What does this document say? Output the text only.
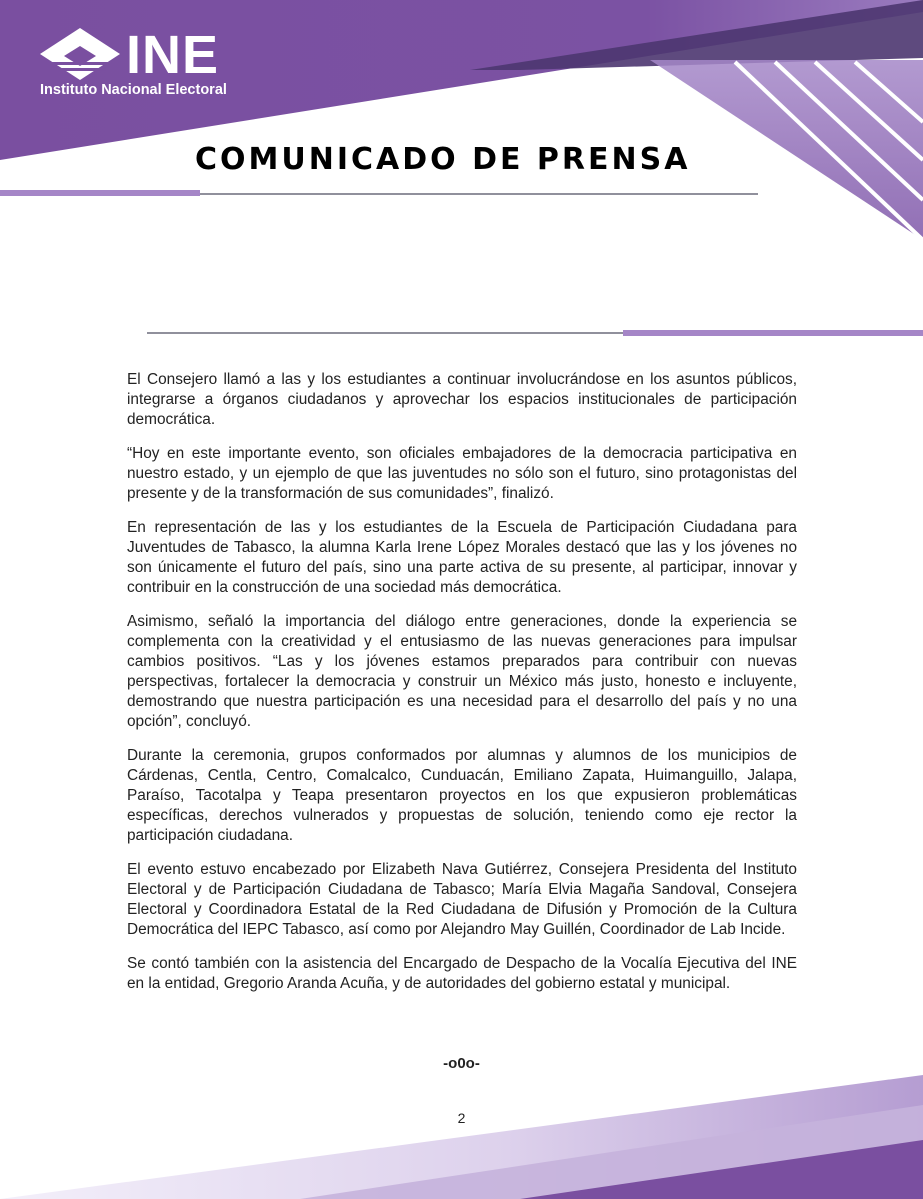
INE
Instituto Nacional Electoral
COMUNICADO DE PRENSA

El Consejero llamó a las y los estudiantes a continuar involucrándose en los asuntos públicos, integrarse a órganos ciudadanos y aprovechar los espacios institucionales de participación democrática.

“Hoy en este importante evento, son oficiales embajadores de la democracia participativa en nuestro estado, y un ejemplo de que las juventudes no sólo son el futuro, sino protagonistas del presente y de la transformación de sus comunidades”, finalizó.

En representación de las y los estudiantes de la Escuela de Participación Ciudadana para Juventudes de Tabasco, la alumna Karla Irene López Morales destacó que las y los jóvenes no son únicamente el futuro del país, sino una parte activa de su presente, al participar, innovar y contribuir en la construcción de una sociedad más democrática.

Asimismo, señaló la importancia del diálogo entre generaciones, donde la experiencia se complementa con la creatividad y el entusiasmo de las nuevas generaciones para impulsar cambios positivos. “Las y los jóvenes estamos preparados para contribuir con nuevas perspectivas, fortalecer la democracia y construir un México más justo, honesto e incluyente, demostrando que nuestra participación es una necesidad para el desarrollo del país y no una opción”, concluyó.

Durante la ceremonia, grupos conformados por alumnas y alumnos de los municipios de Cárdenas, Centla, Centro, Comalcalco, Cunduacán, Emiliano Zapata, Huimanguillo, Jalapa, Paraíso, Tacotalpa y Teapa presentaron proyectos en los que expusieron problemáticas específicas, derechos vulnerados y propuestas de solución, teniendo como eje rector la participación ciudadana.

El evento estuvo encabezado por Elizabeth Nava Gutiérrez, Consejera Presidenta del Instituto Electoral y de Participación Ciudadana de Tabasco; María Elvia Magaña Sandoval, Consejera Electoral y Coordinadora Estatal de la Red Ciudadana de Difusión y Promoción de la Cultura Democrática del IEPC Tabasco, así como por Alejandro May Guillén, Coordinador de Lab Incide.

Se contó también con la asistencia del Encargado de Despacho de la Vocalía Ejecutiva del INE en la entidad, Gregorio Aranda Acuña, y de autoridades del gobierno estatal y municipal.

-o0o-
2
